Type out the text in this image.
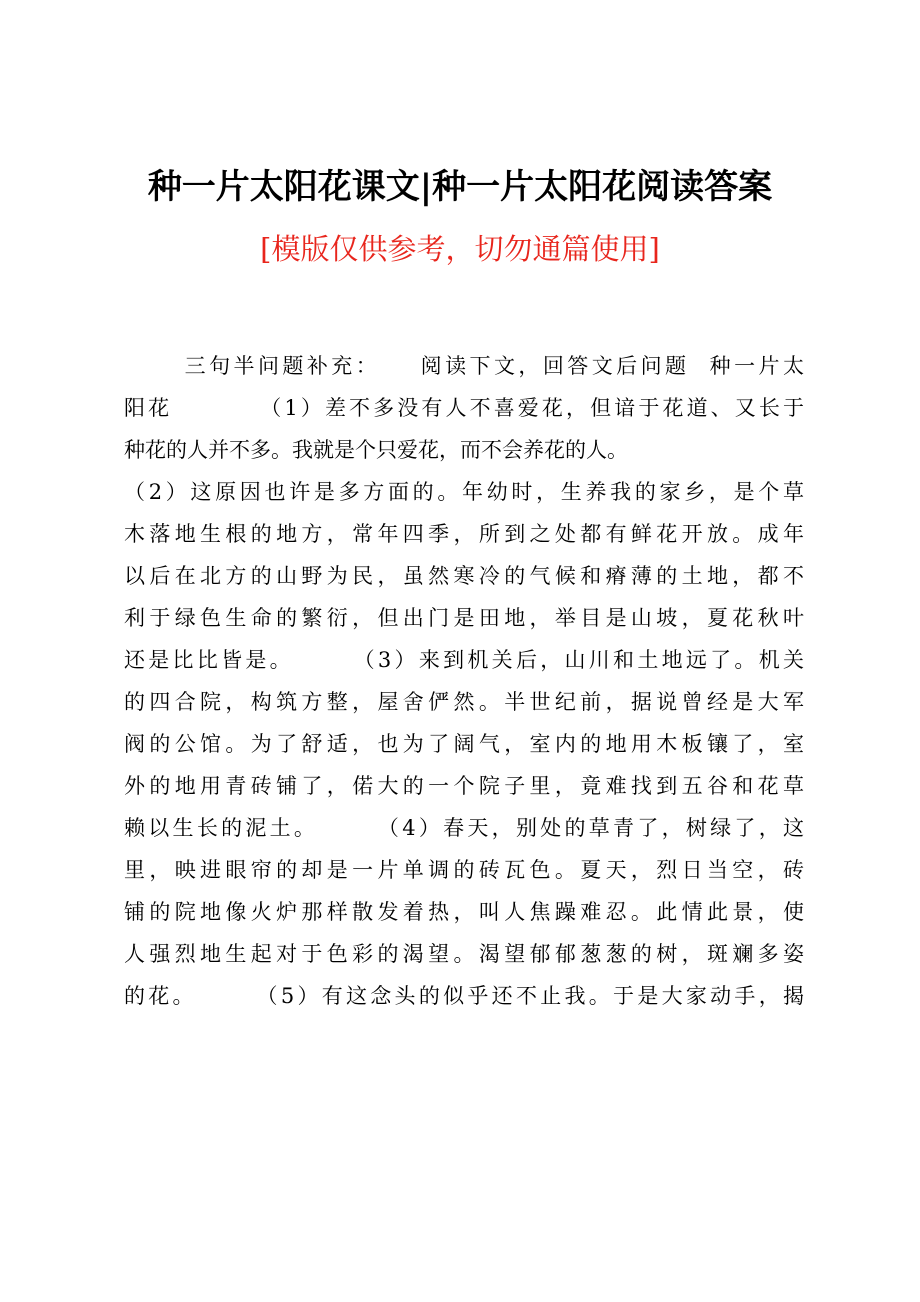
种一片太阳花课文|种一片太阳花阅读答案
[模版仅供参考，切勿通篇使用]
三句半问题补充：    阅读下文，回答文后问题  种一片太
阳花         （1）差不多没有人不喜爱花，但谙于花道、又长于
种花的人并不多。我就是个只爱花，而不会养花的人。
（2）这原因也许是多方面的。年幼时，生养我的家乡，是个草
木落地生根的地方，常年四季，所到之处都有鲜花开放。成年
以后在北方的山野为民，虽然寒冷的气候和瘠薄的土地，都不
利于绿色生命的繁衍，但出门是田地，举目是山坡，夏花秋叶
还是比比皆是。      （3）来到机关后，山川和土地远了。机关
的四合院，构筑方整，屋舍俨然。半世纪前，据说曾经是大军
阀的公馆。为了舒适，也为了阔气，室内的地用木板镶了，室
外的地用青砖铺了，偌大的一个院子里，竟难找到五谷和花草
赖以生长的泥土。      （4）春天，别处的草青了，树绿了，这
里，映进眼帘的却是一片单调的砖瓦色。夏天，烈日当空，砖
铺的院地像火炉那样散发着热，叫人焦躁难忍。此情此景，使
人强烈地生起对于色彩的渴望。渴望郁郁葱葱的树，斑斓多姿
的花。      （5）有这念头的似乎还不止我。于是大家动手，揭
